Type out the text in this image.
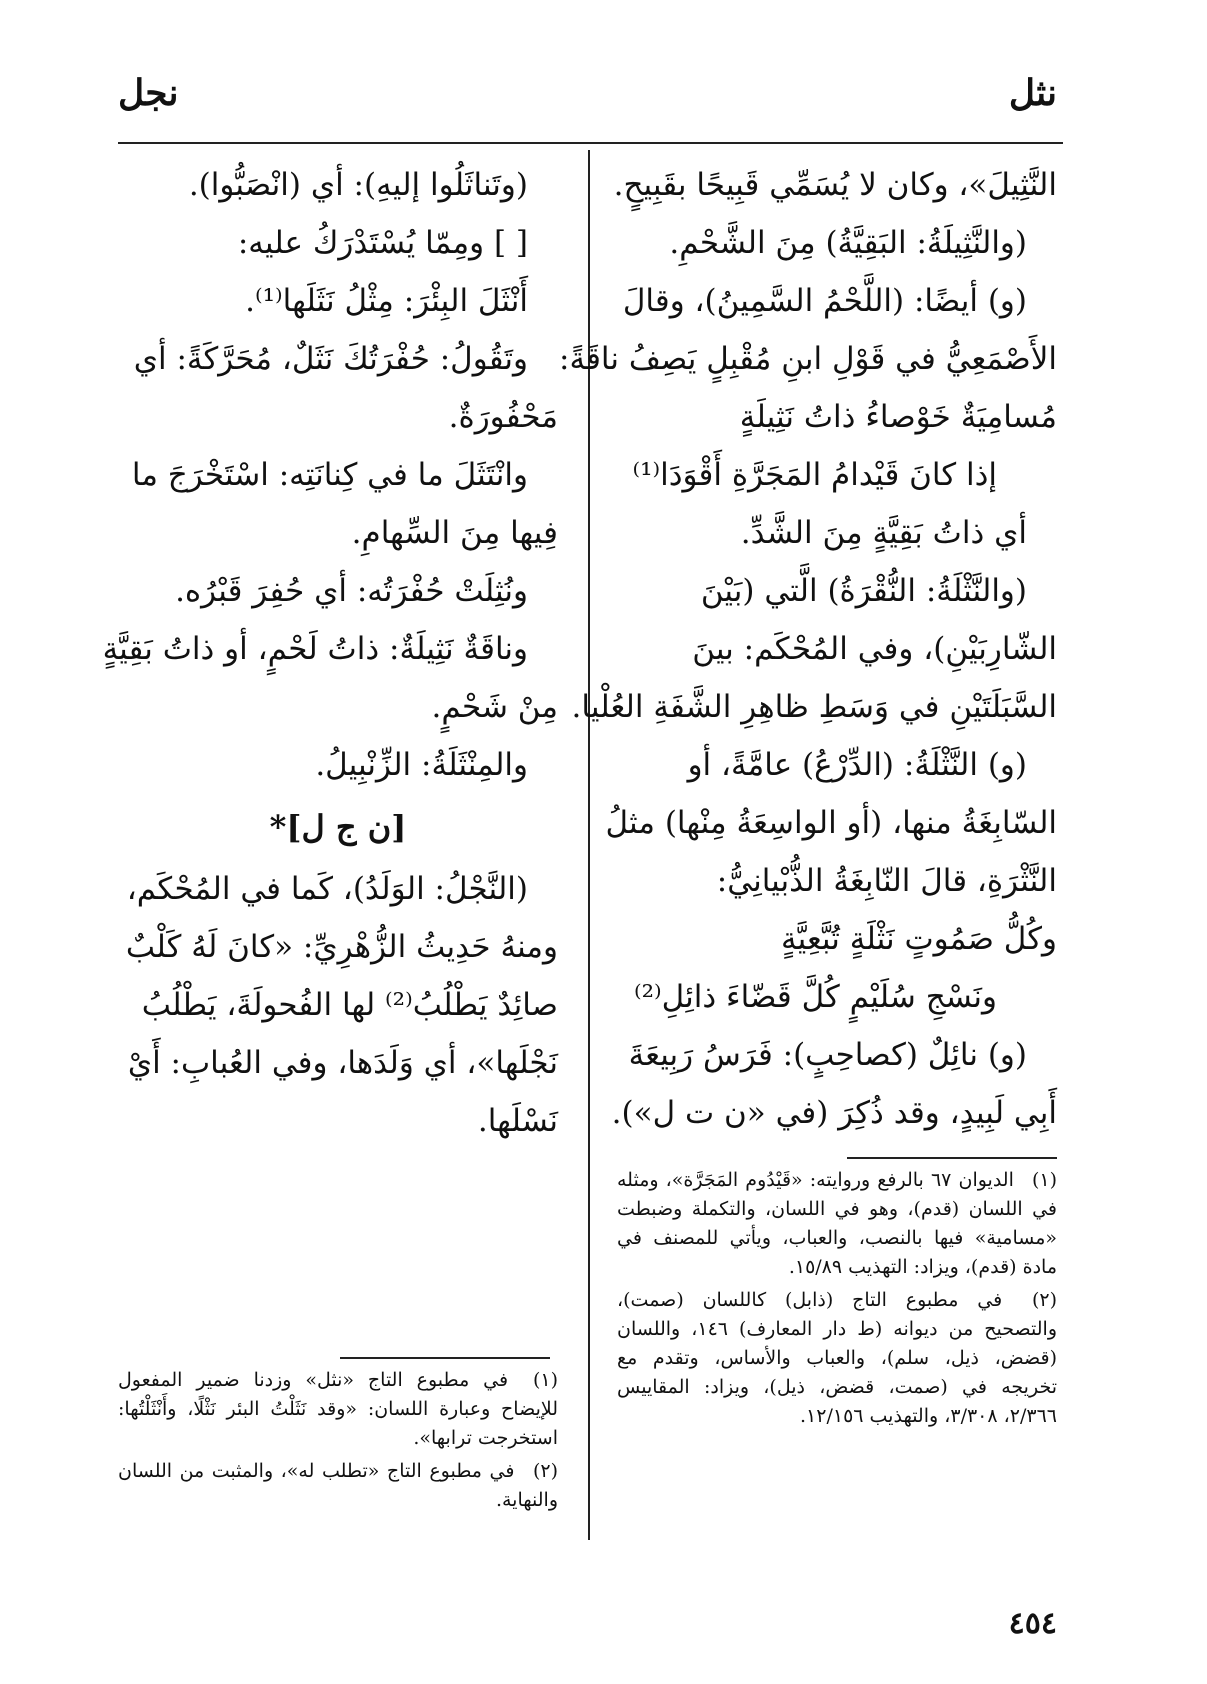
نثل
نجل

النَّثِيلَ»، وكان لا يُسَمِّي قَبِيحًا بقَبِيحٍ.

(والنَّثِيلَةُ: البَقِيَّةُ) مِنَ الشَّحْمِ.

(و) أيضًا: (اللَّحْمُ السَّمِينُ)، وقالَ

الأَصْمَعِيُّ في قَوْلِ ابنِ مُقْبِلٍ يَصِفُ ناقَةً:

مُسامِيَةٌ خَوْصاءُ ذاتُ نَثِيلَةٍ

إذا كانَ قَيْدامُ المَجَرَّةِ أَقْوَدَا⁽¹⁾

أي ذاتُ بَقِيَّةٍ مِنَ الشَّدِّ.

(والنَّثْلَةُ: النُّقْرَةُ) الَّتي (بَيْنَ

الشّارِبَيْنِ)، وفي المُحْكَم: بينَ

السَّبَلَتَيْنِ في وَسَطِ ظاهِرِ الشَّفَةِ العُلْيا.

(و) النَّثْلَةُ: (الدِّرْعُ) عامَّةً، أو

السّابِغَةُ منها، (أو الواسِعَةُ مِنْها) مثلُ

النَّثْرَةِ، قالَ النّابِغَةُ الذُّبْيانِيُّ:

وكُلُّ صَمُوتٍ نَثْلَةٍ تُبَّعِيَّةٍ

ونَسْجِ سُلَيْمٍ كُلَّ قَضّاءَ ذائِلِ⁽²⁾

(و) نائِلٌ (كصاحِبٍ): فَرَسُ رَبِيعَةَ

أَبِي لَبِيدٍ، وقد ذُكِرَ (في «ن ت ل»).

(وتَناثَلُوا إليهِ): أي (انْصَبُّوا).

[ ] ومِمّا يُسْتَدْرَكُ عليه:

أَنْثَلَ البِئْرَ: مِثْلُ نَثَلَها⁽¹⁾.

وتَقُولُ: حُفْرَتُكَ نَثَلٌ، مُحَرَّكَةً: أي

مَحْفُورَةٌ.

وانْتَثَلَ ما في كِنانَتِه: اسْتَخْرَجَ ما

فِيها مِنَ السِّهامِ.

ونُثِلَتْ حُفْرَتُه: أي حُفِرَ قَبْرُه.

وناقَةٌ نَثِيلَةٌ: ذاتُ لَحْمٍ، أو ذاتُ بَقِيَّةٍ

مِنْ شَحْمٍ.

والمِنْثَلَةُ: الزِّنْبِيلُ.

[ن ج ل]*

(النَّجْلُ: الوَلَدُ)، كَما في المُحْكَم،

ومنهُ حَدِيثُ الزُّهْرِيِّ: «كانَ لَهُ كَلْبٌ

صائِدٌ يَطْلُبُ⁽²⁾ لها الفُحولَةَ، يَطْلُبُ

نَجْلَها»، أي وَلَدَها، وفي العُبابِ: أَيْ

نَسْلَها.

(١) الديوان ٦٧ بالرفع وروايته: «قَيْدُوم المَجَرَّة»، ومثله في اللسان (قدم)، وهو في اللسان، والتكملة وضبطت «مسامية» فيها بالنصب، والعباب، ويأتي للمصنف في مادة (قدم)، ويزاد: التهذيب ١٥/٨٩.

(٢) في مطبوع التاج (ذابل) كاللسان (صمت)، والتصحيح من ديوانه (ط دار المعارف) ١٤٦، واللسان (قضض، ذيل، سلم)، والعباب والأساس، وتقدم مع تخريجه في (صمت، قضض، ذيل)، ويزاد: المقاييس ٢/٣٦٦، ٣/٣٠٨، والتهذيب ١٢/١٥٦.

(١) في مطبوع التاج «نثل» وزدنا ضمير المفعول للإيضاح وعبارة اللسان: «وقد نَثَلْتُ البئر نَثْلًا، وأَنْثَلْتُها: استخرجت ترابها».

(٢) في مطبوع التاج «تطلب له»، والمثبت من اللسان والنهاية.

٤٥٤
